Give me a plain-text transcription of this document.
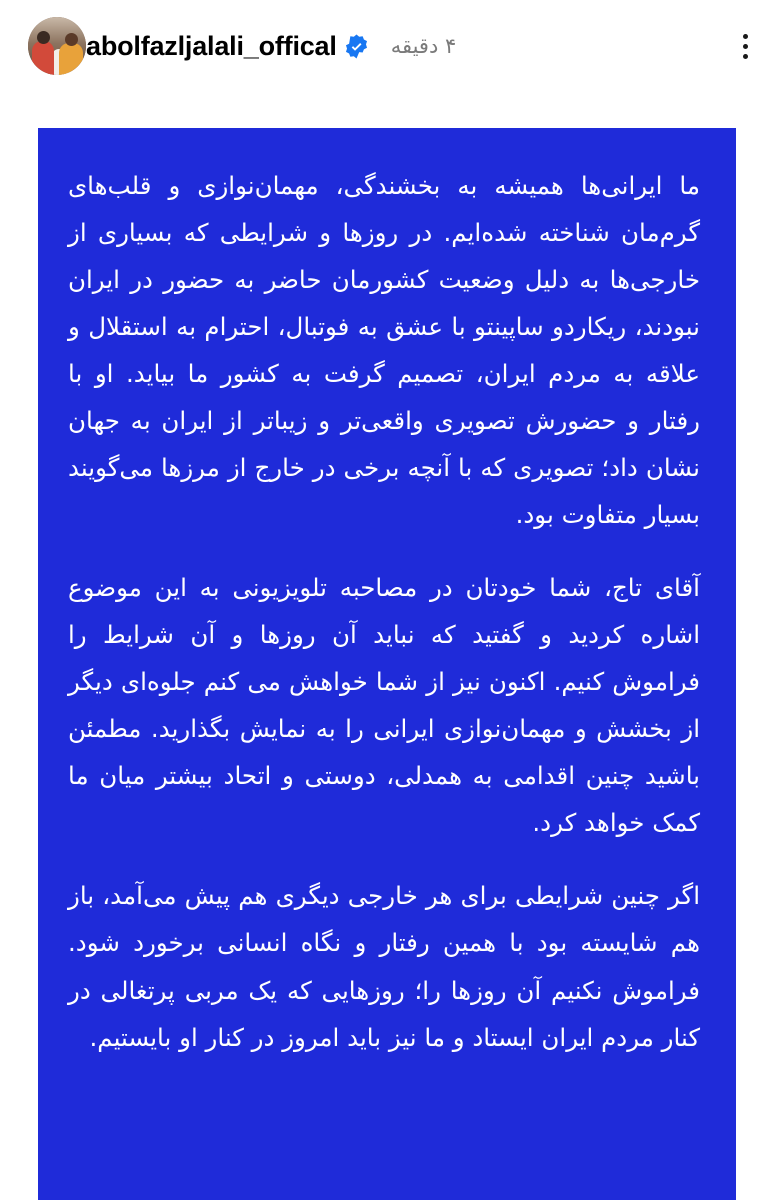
abolfazljalali_offical	۴ دقیقه

ما ایرانی‌ها همیشه به بخشندگی، مهمان‌نوازی و قلب‌های گرم‌مان شناخته شده‌ایم. در روزها و شرایطی که بسیاری از خارجی‌ها به دلیل وضعیت کشورمان حاضر به حضور در ایران نبودند، ریکاردو ساپینتو با عشق به فوتبال، احترام به استقلال و علاقه به مردم ایران، تصمیم گرفت به کشور ما بیاید. او با رفتار و حضورش تصویری واقعی‌تر و زیباتر از ایران به جهان نشان داد؛ تصویری که با آنچه برخی در خارج از مرزها می‌گویند بسیار متفاوت بود.

آقای تاج، شما خودتان در مصاحبه تلویزیونی به این موضوع اشاره کردید و گفتید که نباید آن روزها و آن شرایط را فراموش کنیم. اکنون نیز از شما خواهش می کنم جلوه‌ای دیگر از بخشش و مهمان‌نوازی ایرانی را به نمایش بگذارید. مطمئن باشید چنین اقدامی به همدلی، دوستی و اتحاد بیشتر میان ما کمک خواهد کرد.

اگر چنین شرایطی برای هر خارجی دیگری هم پیش می‌آمد، باز هم شایسته بود با همین رفتار و نگاه انسانی برخورد شود. فراموش نکنیم آن روزها را؛ روزهایی که یک مربی پرتغالی در کنار مردم ایران ایستاد و ما نیز باید امروز در کنار او بایستیم.
